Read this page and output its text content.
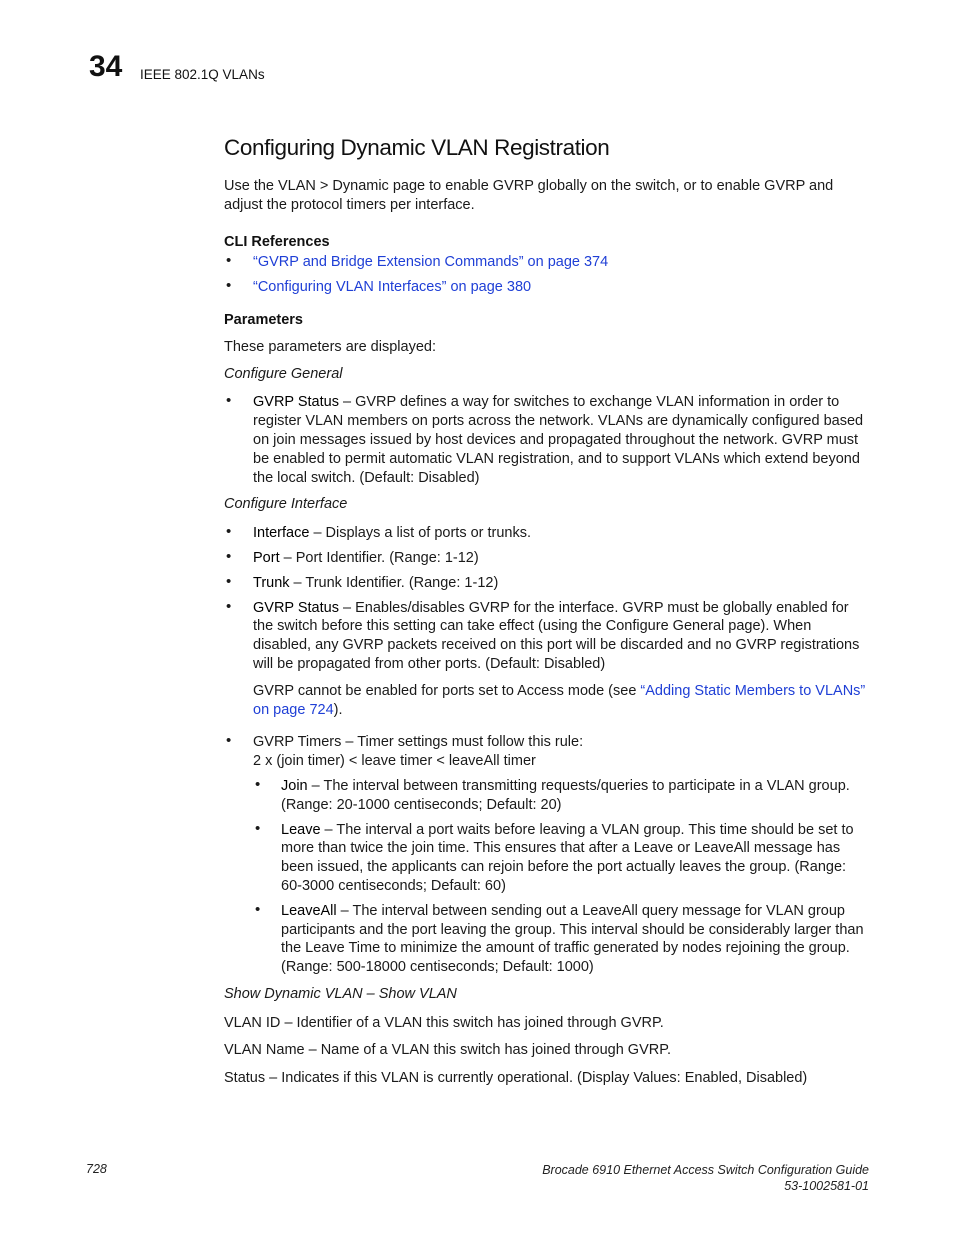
34 IEEE 802.1Q VLANs
Configuring Dynamic VLAN Registration

Use the VLAN > Dynamic page to enable GVRP globally on the switch, or to enable GVRP and adjust the protocol timers per interface.

CLI References

• “GVRP and Bridge Extension Commands” on page 374
• “Configuring VLAN Interfaces” on page 380

Parameters

These parameters are displayed:

Configure General

• GVRP Status – GVRP defines a way for switches to exchange VLAN information in order to register VLAN members on ports across the network. VLANs are dynamically configured based on join messages issued by host devices and propagated throughout the network. GVRP must be enabled to permit automatic VLAN registration, and to support VLANs which extend beyond the local switch. (Default: Disabled)

Configure Interface

• Interface – Displays a list of ports or trunks.
• Port – Port Identifier. (Range: 1-12)
• Trunk – Trunk Identifier. (Range: 1-12)
• GVRP Status – Enables/disables GVRP for the interface. GVRP must be globally enabled for the switch before this setting can take effect (using the Configure General page). When disabled, any GVRP packets received on this port will be discarded and no GVRP registrations will be propagated from other ports. (Default: Disabled)

GVRP cannot be enabled for ports set to Access mode (see “Adding Static Members to VLANs” on page 724).

• GVRP Timers – Timer settings must follow this rule:
2 x (join timer) < leave timer < leaveAll timer
• Join – The interval between transmitting requests/queries to participate in a VLAN group. (Range: 20-1000 centiseconds; Default: 20)
• Leave – The interval a port waits before leaving a VLAN group. This time should be set to more than twice the join time. This ensures that after a Leave or LeaveAll message has been issued, the applicants can rejoin before the port actually leaves the group. (Range: 60-3000 centiseconds; Default: 60)
• LeaveAll – The interval between sending out a LeaveAll query message for VLAN group participants and the port leaving the group. This interval should be considerably larger than the Leave Time to minimize the amount of traffic generated by nodes rejoining the group. (Range: 500-18000 centiseconds; Default: 1000)

Show Dynamic VLAN – Show VLAN

VLAN ID – Identifier of a VLAN this switch has joined through GVRP.

VLAN Name – Name of a VLAN this switch has joined through GVRP.

Status – Indicates if this VLAN is currently operational. (Display Values: Enabled, Disabled)

728	Brocade 6910 Ethernet Access Switch Configuration Guide
53-1002581-01
